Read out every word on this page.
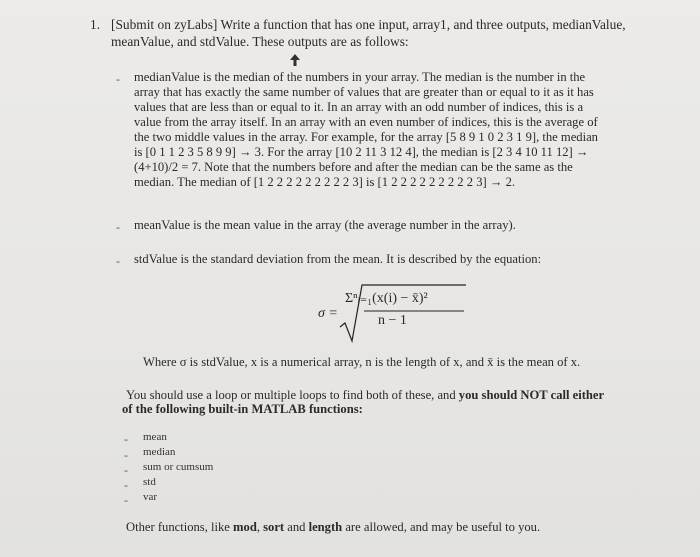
1. [Submit on zyLabs] Write a function that has one input, array1, and three outputs, medianValue,
meanValue, and stdValue. These outputs are as follows:
- medianValue is the median of the numbers in your array. The median is the number in the
array that has exactly the same number of values that are greater than or equal to it as it has
values that are less than or equal to it. In an array with an odd number of indices, this is a
value from the array itself. In an array with an even number of indices, this is the average of
the two middle values in the array. For example, for the array [5 8 9 1 0 2 3 1 9], the median
is [0 1 1 2 3 5 8 9 9] → 3. For the array [10 2 11 3 12 4], the median is [2 3 4 10 11 12] →
(4+10)/2 = 7. Note that the numbers before and after the median can be the same as the
median. The median of [1 2 2 2 2 2 2 2 2 2 3] is [1 2 2 2 2 2 2 2 2 2 3] → 2.
- meanValue is the mean value in the array (the average number in the array).
- stdValue is the standard deviation from the mean. It is described by the equation:
σ =
Σⁿᵢ₌₁(x(i) − x̄)²
n − 1
Where σ is stdValue, x is a numerical array, n is the length of x, and x̄ is the mean of x.
You should use a loop or multiple loops to find both of these, and you should NOT call either
of the following built-in MATLAB functions:
- mean
- median
- sum or cumsum
- std
- var
Other functions, like mod, sort and length are allowed, and may be useful to you.
